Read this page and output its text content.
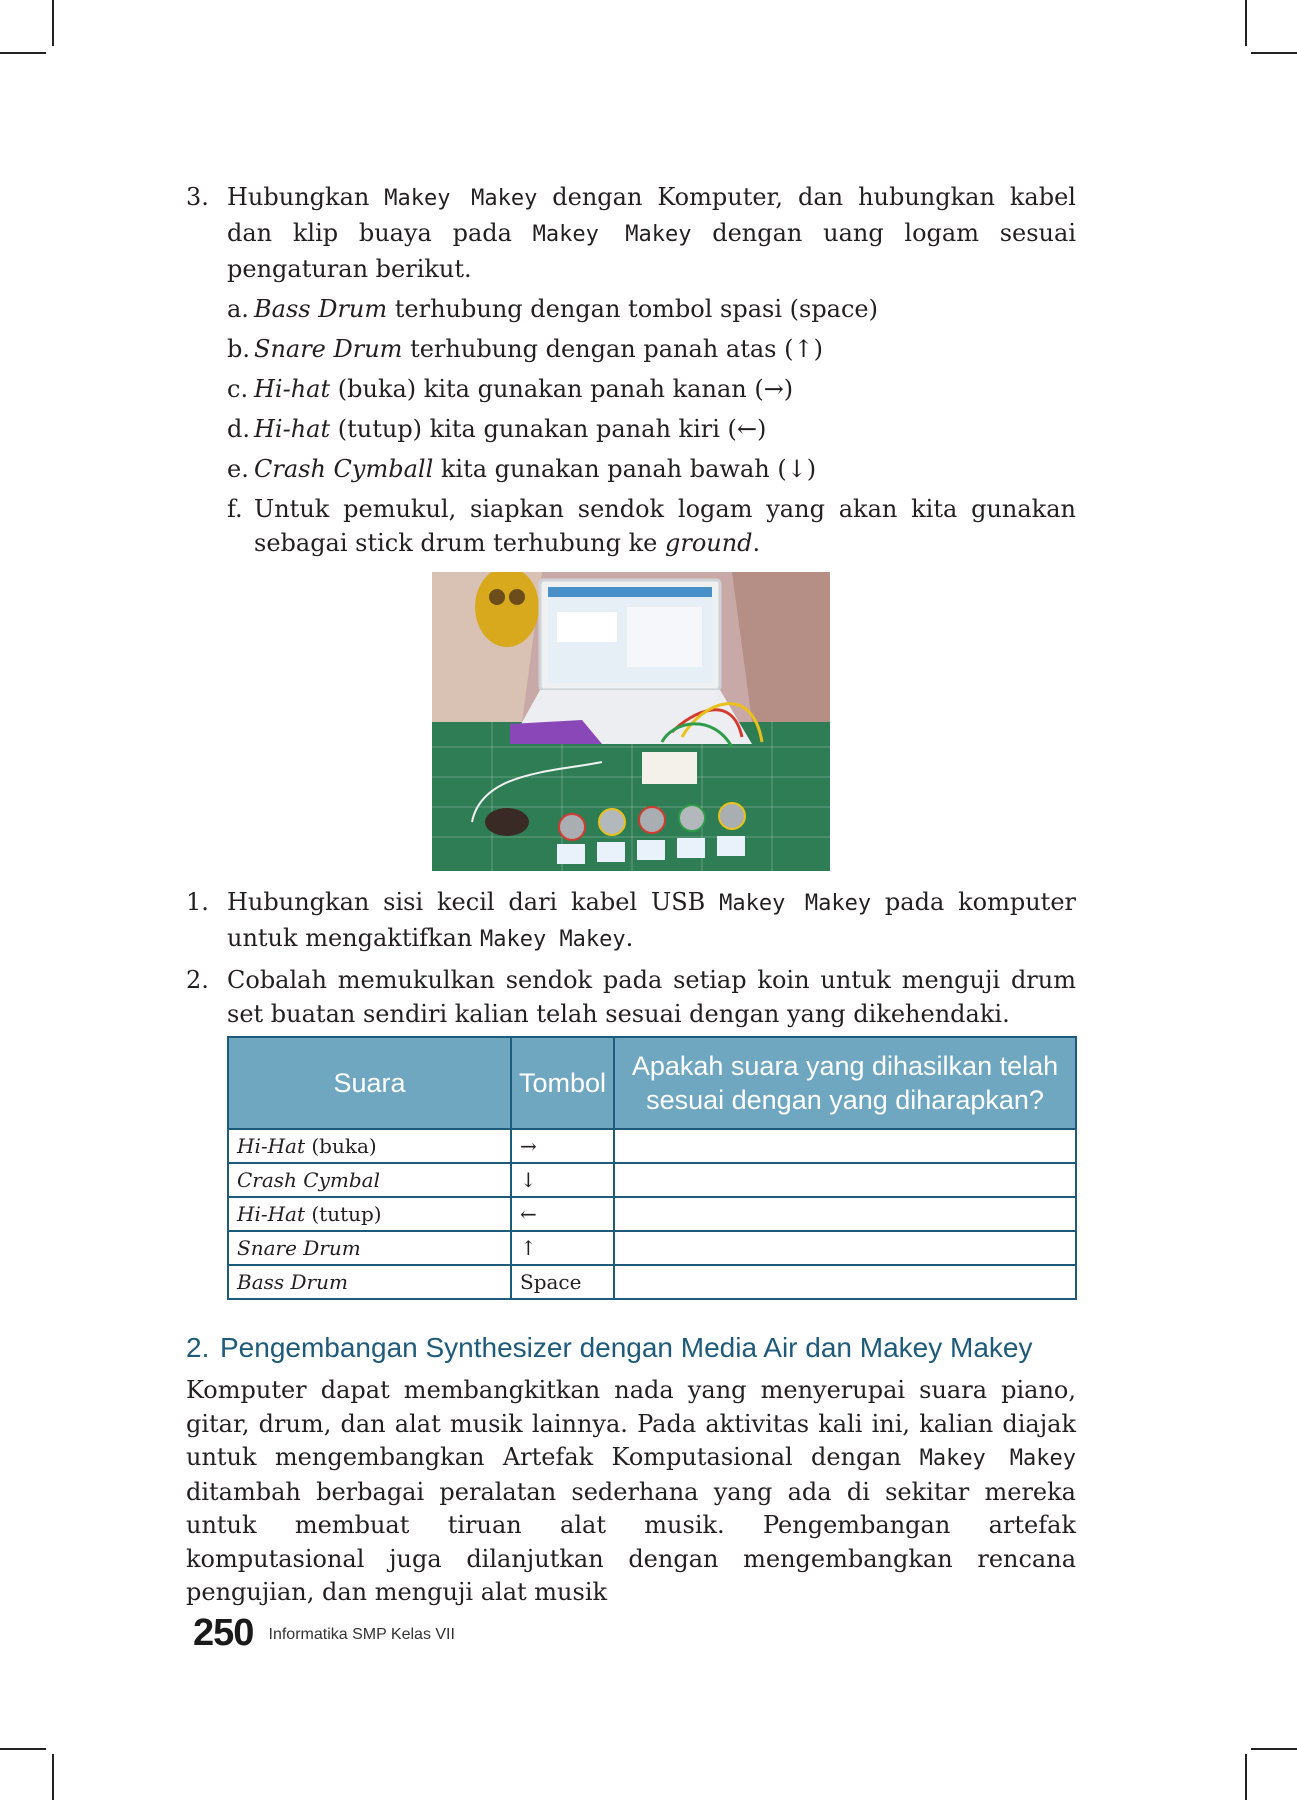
3. Hubungkan Makey Makey dengan Komputer, dan hubungkan kabel dan klip buaya pada Makey Makey dengan uang logam sesuai pengaturan berikut.
a. Bass Drum terhubung dengan tombol spasi (space)
b. Snare Drum terhubung dengan panah atas (↑)
c. Hi-hat (buka) kita gunakan panah kanan (→)
d. Hi-hat (tutup) kita gunakan panah kiri (←)
e. Crash Cymball kita gunakan panah bawah (↓)
f. Untuk pemukul, siapkan sendok logam yang akan kita gunakan sebagai stick drum terhubung ke ground.
1. Hubungkan sisi kecil dari kabel USB Makey Makey pada komputer untuk mengaktifkan Makey Makey.
2. Cobalah memukulkan sendok pada setiap koin untuk menguji drum set buatan sendiri kalian telah sesuai dengan yang dikehendaki.
Suara	Tombol	Apakah suara yang dihasilkan telah sesuai dengan yang diharapkan?
Hi-Hat (buka)	→	
Crash Cymbal	↓	
Hi-Hat (tutup)	←	
Snare Drum	↑	
Bass Drum	Space	
2. Pengembangan Synthesizer dengan Media Air dan Makey Makey
Komputer dapat membangkitkan nada yang menyerupai suara piano, gitar, drum, dan alat musik lainnya. Pada aktivitas kali ini, kalian diajak untuk mengembangkan Artefak Komputasional dengan Makey Makey ditambah berbagai peralatan sederhana yang ada di sekitar mereka untuk membuat tiruan alat musik. Pengembangan artefak komputasional juga dilanjutkan dengan mengembangkan rencana pengujian, dan menguji alat musik
250 Informatika SMP Kelas VII
